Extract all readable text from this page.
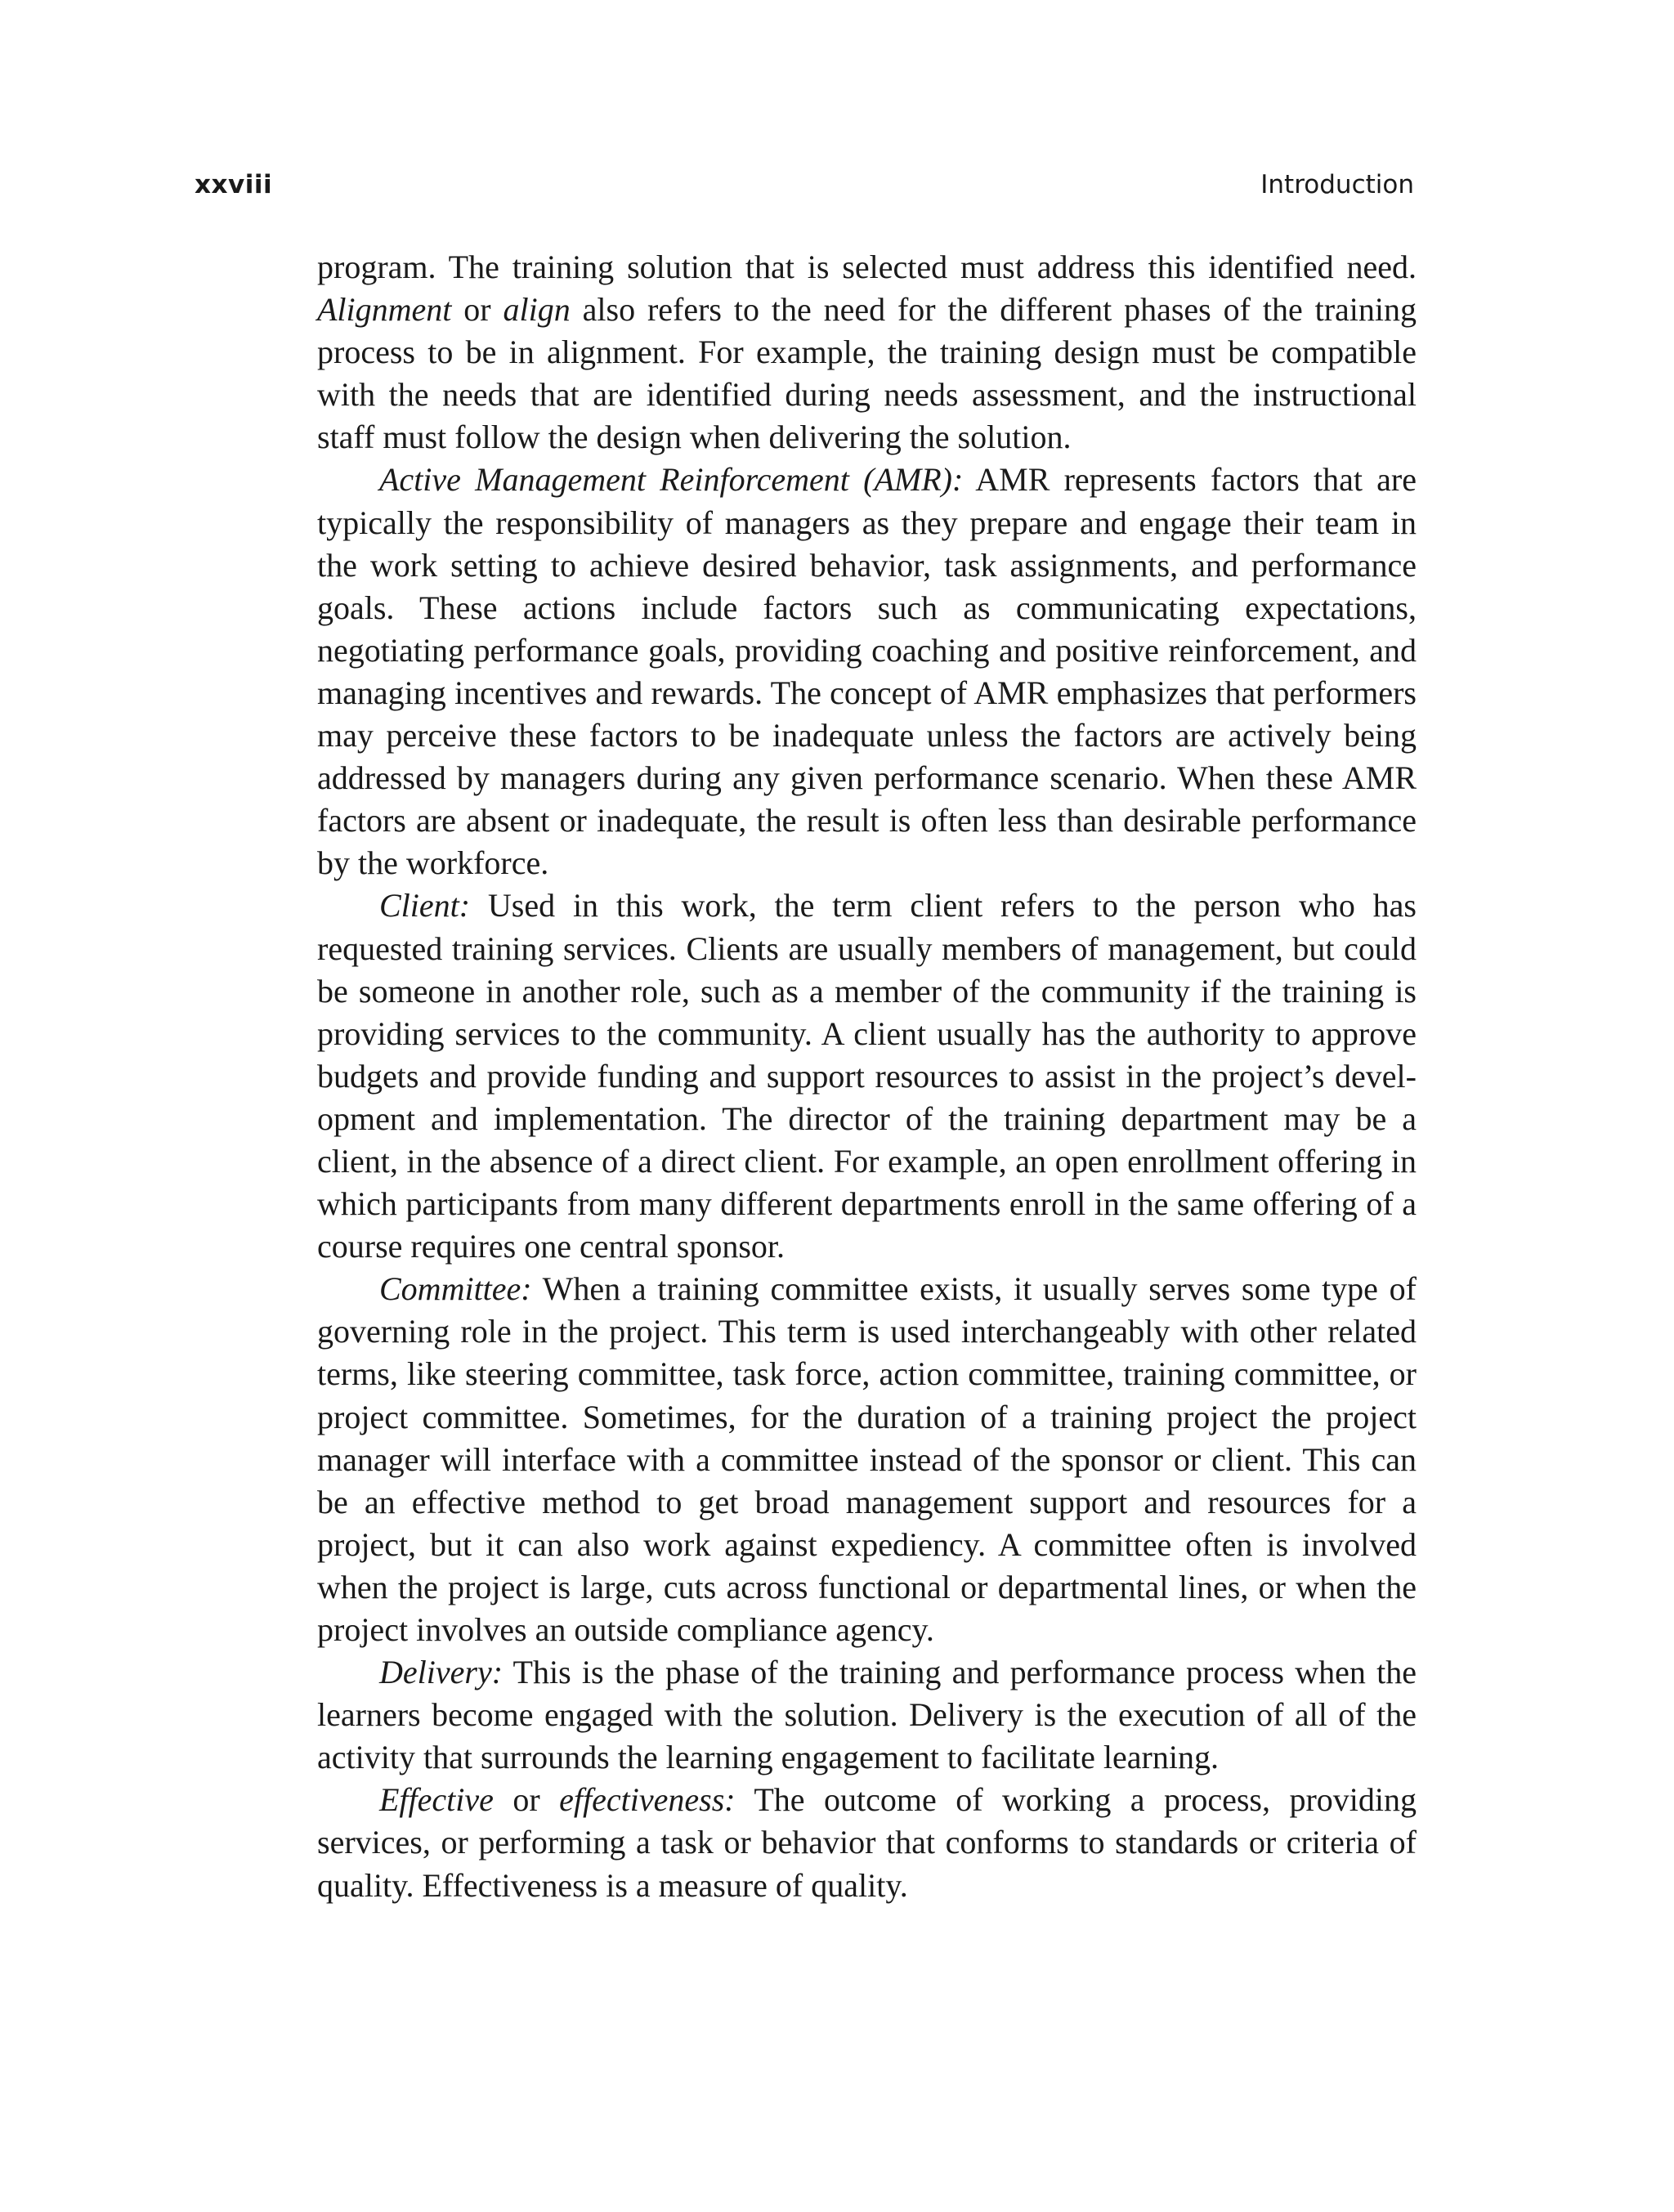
xxviii	Introduction

program. The training solution that is selected must address this identified need. Alignment or align also refers to the need for the different phases of the training process to be in alignment. For example, the training design must be compatible with the needs that are identified during needs assessment, and the instructional staff must follow the design when delivering the solution.

Active Management Reinforcement (AMR): AMR represents factors that are typically the responsibility of managers as they prepare and engage their team in the work setting to achieve desired behavior, task assignments, and performance goals. These actions include factors such as communicating expectations, negotiating performance goals, providing coaching and positive reinforcement, and managing incentives and rewards. The concept of AMR emphasizes that performers may perceive these factors to be inadequate unless the factors are actively being addressed by managers during any given performance scenario. When these AMR factors are absent or inadequate, the result is often less than desirable performance by the workforce.

Client: Used in this work, the term client refers to the person who has requested training services. Clients are usually members of management, but could be someone in another role, such as a member of the community if the training is providing services to the community. A client usually has the authority to approve budgets and provide funding and support resources to assist in the project’s development and implementation. The director of the training department may be a client, in the absence of a direct client. For example, an open enrollment offering in which participants from many different departments enroll in the same offering of a course requires one central sponsor.

Committee: When a training committee exists, it usually serves some type of governing role in the project. This term is used interchangeably with other related terms, like steering committee, task force, action committee, training committee, or project committee. Sometimes, for the duration of a training project the project manager will interface with a committee instead of the sponsor or client. This can be an effective method to get broad management support and resources for a project, but it can also work against expediency. A committee often is involved when the project is large, cuts across functional or departmental lines, or when the project involves an outside compliance agency.

Delivery: This is the phase of the training and performance process when the learners become engaged with the solution. Delivery is the execution of all of the activity that surrounds the learning engagement to facilitate learning.

Effective or effectiveness: The outcome of working a process, providing services, or performing a task or behavior that conforms to standards or criteria of quality. Effectiveness is a measure of quality.
